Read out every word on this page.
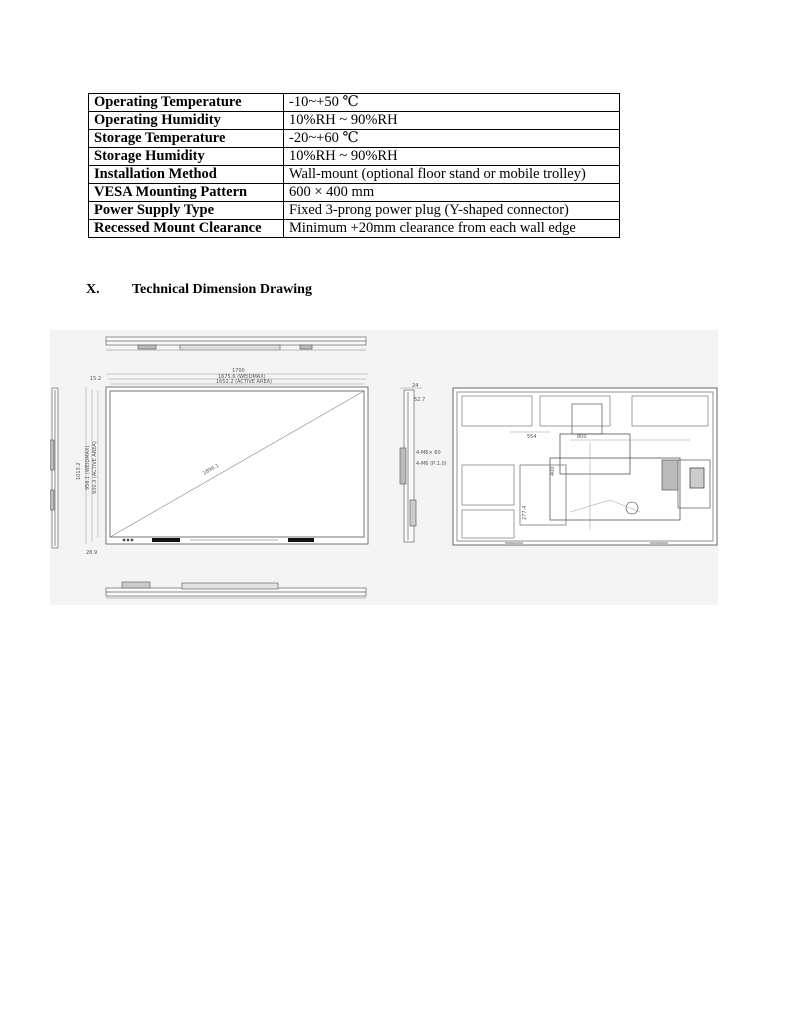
Operating Temperature	-10~+50 ℃
Operating Humidity	10%RH ~ 90%RH
Storage Temperature	-20~+60 ℃
Storage Humidity	10%RH ~ 90%RH
Installation Method	Wall-mount (optional floor stand or mobile trolley)
VESA Mounting Pattern	600 × 400 mm
Power Supply Type	Fixed 3-prong power plug (Y-shaped connector)
Recessed Mount Clearance	Minimum +20mm clearance from each wall edge
X. Technical Dimension Drawing
1700
1675.6 (WEIDMAX)
1652.2 (ACTIVE AREA)
15.2
1896.1
1013.2 956.1 (WEIDMAX) 930.3 (ACTIVE AREA)
28.9
24
52.7
4-M6× 60
4-M6 (P:1.0)
800
554
400
277.4
